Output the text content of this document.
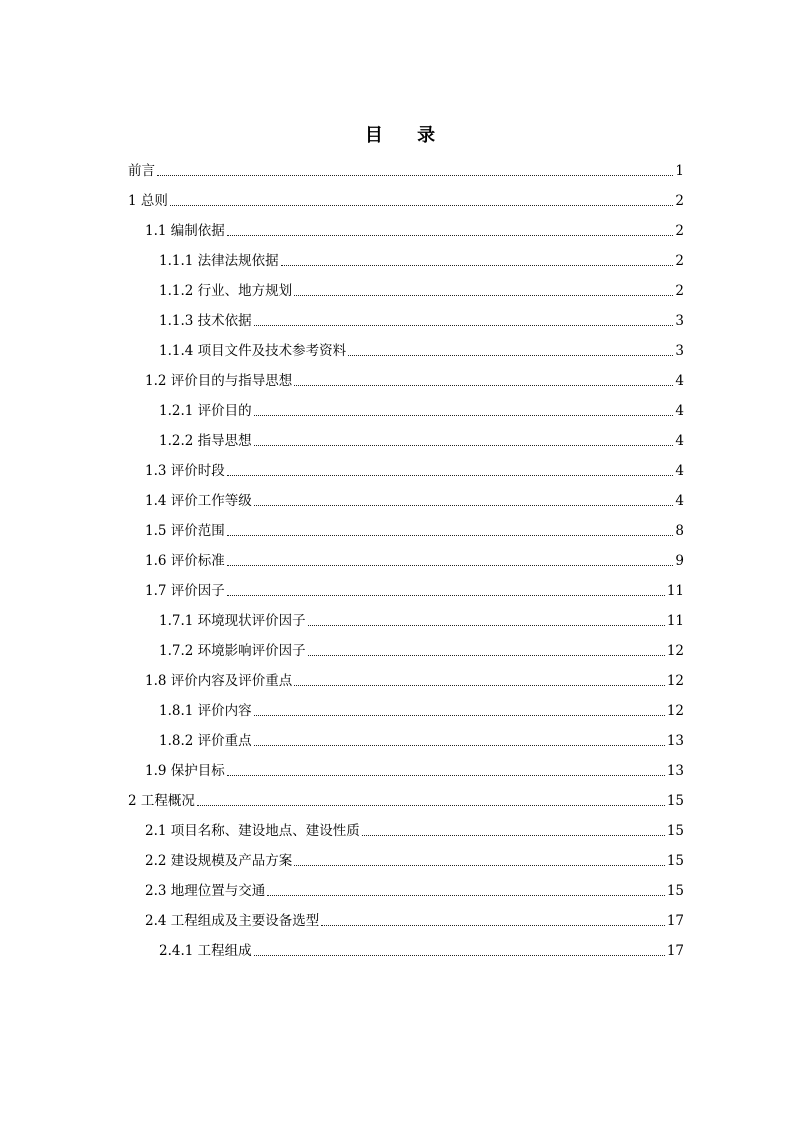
目 录
前言	1
1 总则	2
1.1 编制依据	2
1.1.1 法律法规依据	2
1.1.2 行业、地方规划	2
1.1.3 技术依据	3
1.1.4 项目文件及技术参考资料	3
1.2 评价目的与指导思想	4
1.2.1 评价目的	4
1.2.2 指导思想	4
1.3 评价时段	4
1.4 评价工作等级	4
1.5 评价范围	8
1.6 评价标准	9
1.7 评价因子	11
1.7.1 环境现状评价因子	11
1.7.2 环境影响评价因子	12
1.8 评价内容及评价重点	12
1.8.1 评价内容	12
1.8.2 评价重点	13
1.9 保护目标	13
2 工程概况	15
2.1 项目名称、建设地点、建设性质	15
2.2 建设规模及产品方案	15
2.3 地理位置与交通	15
2.4 工程组成及主要设备选型	17
2.4.1 工程组成	17
